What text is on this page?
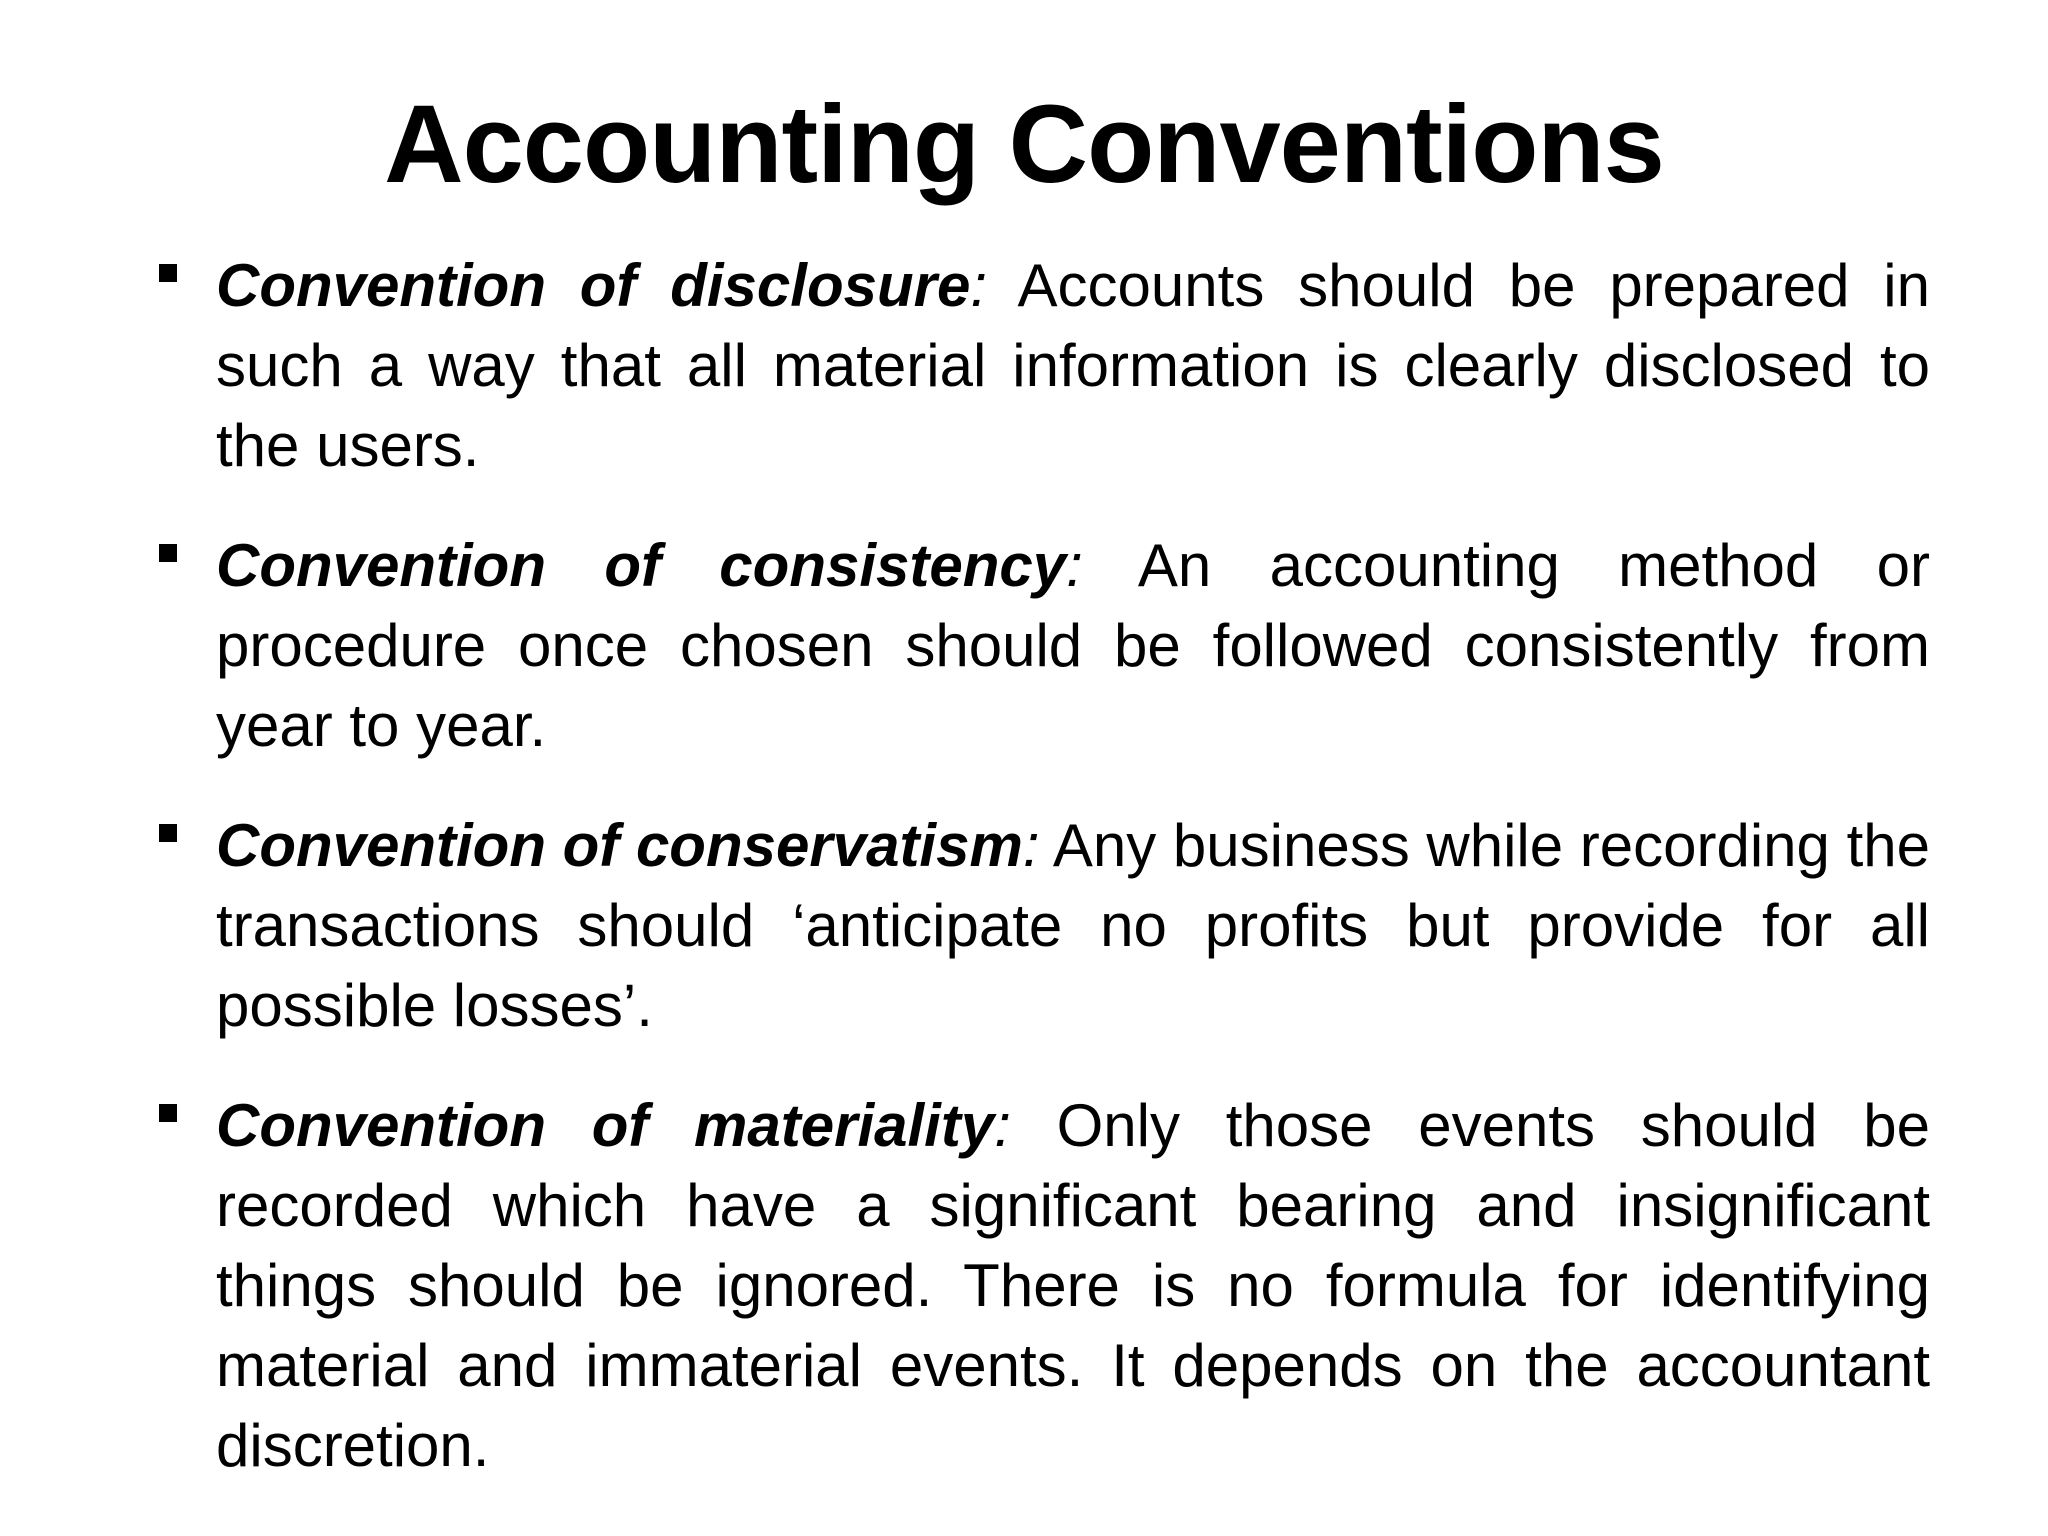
Accounting Conventions

Convention of disclosure: Accounts should be prepared in such a way that all material information is clearly disclosed to the users.

Convention of consistency: An accounting method or procedure once chosen should be followed consistently from year to year.

Convention of conservatism: Any business while recording the transactions should ‘anticipate no profits but provide for all possible losses’.

Convention of materiality: Only those events should be recorded which have a significant bearing and insignificant things should be ignored. There is no formula for identifying material and immaterial events. It depends on the accountant discretion.
